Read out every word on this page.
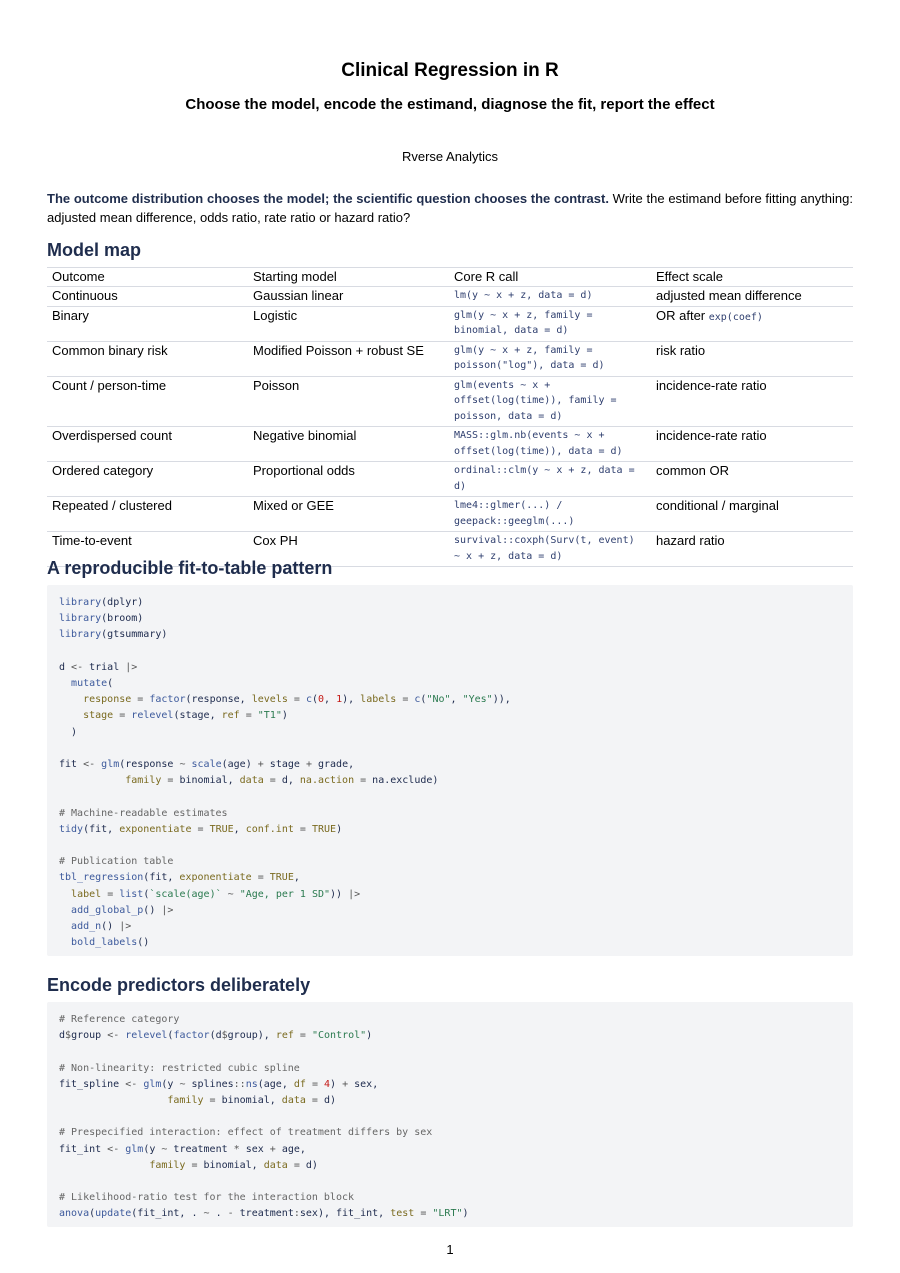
Clinical Regression in R
Choose the model, encode the estimand, diagnose the fit, report the effect
Rverse Analytics

The outcome distribution chooses the model; the scientific question chooses the contrast. Write the estimand before fitting anything: adjusted mean difference, odds ratio, rate ratio or hazard ratio?

Model map
Outcome	Starting model	Core R call	Effect scale
Continuous	Gaussian linear	lm(y ~ x + z, data = d)	adjusted mean difference
Binary	Logistic	glm(y ~ x + z, family = binomial, data = d)	OR after exp(coef)
Common binary risk	Modified Poisson + robust SE	glm(y ~ x + z, family = poisson("log"), data = d)	risk ratio
Count / person-time	Poisson	glm(events ~ x + offset(log(time)), family = poisson, data = d)	incidence-rate ratio
Overdispersed count	Negative binomial	MASS::glm.nb(events ~ x + offset(log(time)), data = d)	incidence-rate ratio
Ordered category	Proportional odds	ordinal::clm(y ~ x + z, data = d)	common OR
Repeated / clustered	Mixed or GEE	lme4::glmer(...) / geepack::geeglm(...)	conditional / marginal
Time-to-event	Cox PH	survival::coxph(Surv(t, event) ~ x + z, data = d)	hazard ratio
A reproducible fit-to-table pattern
library(dplyr)
library(broom)
library(gtsummary)

d <- trial |>
mutate(
response = factor(response, levels = c(0, 1), labels = c("No", "Yes")),
stage = relevel(stage, ref = "T1")
)

fit <- glm(response ~ scale(age) + stage + grade,
family = binomial, data = d, na.action = na.exclude)

# Machine-readable estimates
tidy(fit, exponentiate = TRUE, conf.int = TRUE)

# Publication table
tbl_regression(fit, exponentiate = TRUE,
label = list(`scale(age)` ~ "Age, per 1 SD")) |>
add_global_p() |>
add_n() |>
bold_labels()
Encode predictors deliberately
# Reference category
d$group <- relevel(factor(d$group), ref = "Control")

# Non-linearity: restricted cubic spline
fit_spline <- glm(y ~ splines::ns(age, df = 4) + sex,
family = binomial, data = d)

# Prespecified interaction: effect of treatment differs by sex
fit_int <- glm(y ~ treatment * sex + age,
family = binomial, data = d)

# Likelihood-ratio test for the interaction block
anova(update(fit_int, . ~ . - treatment:sex), fit_int, test = "LRT")
1
